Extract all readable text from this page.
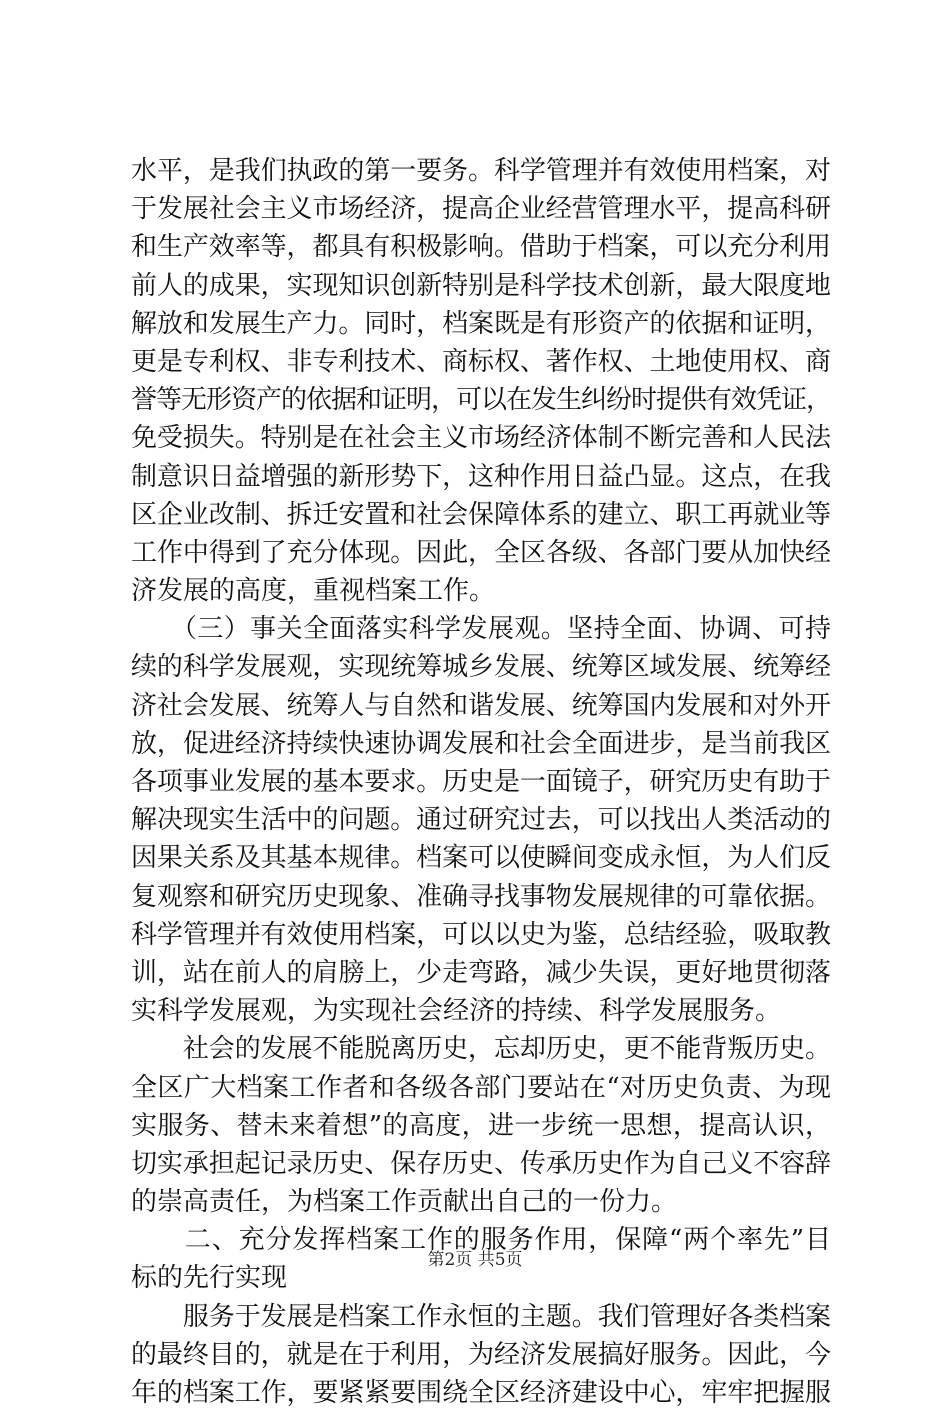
水平，是我们执政的第一要务。科学管理并有效使用档案，对
于发展社会主义市场经济，提高企业经营管理水平，提高科研
和生产效率等，都具有积极影响。借助于档案，可以充分利用
前人的成果，实现知识创新特别是科学技术创新，最大限度地
解放和发展生产力。同时，档案既是有形资产的依据和证明，
更是专利权、非专利技术、商标权、著作权、土地使用权、商
誉等无形资产的依据和证明，可以在发生纠纷时提供有效凭证，
免受损失。特别是在社会主义市场经济体制不断完善和人民法
制意识日益增强的新形势下，这种作用日益凸显。这点，在我
区企业改制、拆迁安置和社会保障体系的建立、职工再就业等
工作中得到了充分体现。因此，全区各级、各部门要从加快经
济发展的高度，重视档案工作。
　　（三）事关全面落实科学发展观。坚持全面、协调、可持
续的科学发展观，实现统筹城乡发展、统筹区域发展、统筹经
济社会发展、统筹人与自然和谐发展、统筹国内发展和对外开
放，促进经济持续快速协调发展和社会全面进步，是当前我区
各项事业发展的基本要求。历史是一面镜子，研究历史有助于
解决现实生活中的问题。通过研究过去，可以找出人类活动的
因果关系及其基本规律。档案可以使瞬间变成永恒，为人们反
复观察和研究历史现象、准确寻找事物发展规律的可靠依据。
科学管理并有效使用档案，可以以史为鉴，总结经验，吸取教
训，站在前人的肩膀上，少走弯路，减少失误，更好地贯彻落
实科学发展观，为实现社会经济的持续、科学发展服务。
　　社会的发展不能脱离历史，忘却历史，更不能背叛历史。
全区广大档案工作者和各级各部门要站在“对历史负责、为现
实服务、替未来着想”的高度，进一步统一思想，提高认识，
切实承担起记录历史、保存历史、传承历史作为自己义不容辞
的崇高责任，为档案工作贡献出自己的一份力。
　　二、充分发挥档案工作的服务作用，保障“两个率先”目
标的先行实现
　　服务于发展是档案工作永恒的主题。我们管理好各类档案
的最终目的，就是在于利用，为经济发展搞好服务。因此，今
年的档案工作，要紧紧要围绕全区经济建设中心，牢牢把握服
第2页 共5页
